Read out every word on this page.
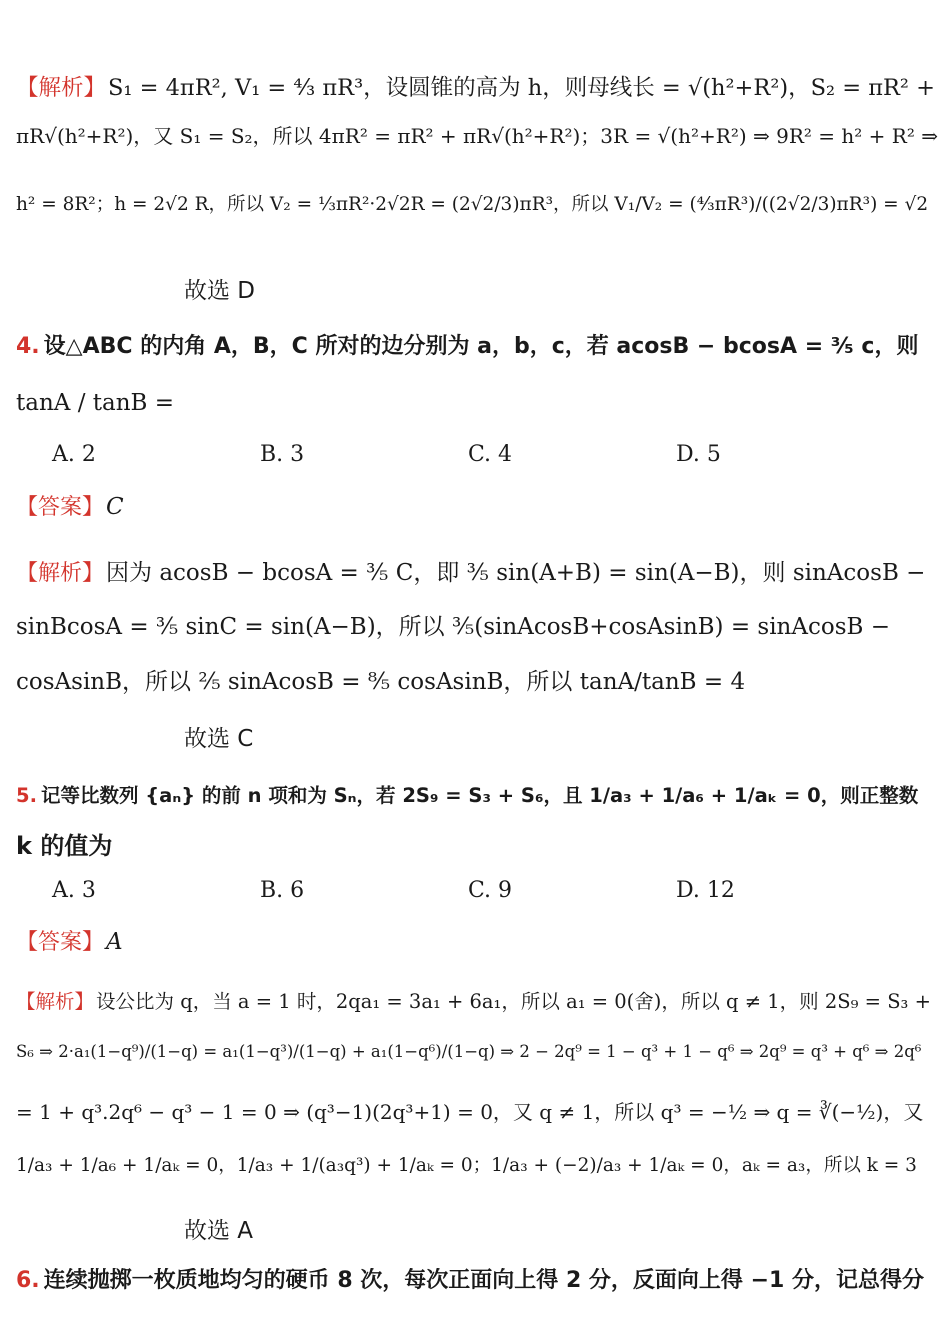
【解析】 S₁ = 4πR², V₁ = ⁴⁄₃ πR³，设圆锥的高为 h，则母线长 = √(h²+R²)，S₂ = πR² +
πR√(h²+R²)，又 S₁ = S₂，所以 4πR² = πR² + πR√(h²+R²)；3R = √(h²+R²) ⇒ 9R² = h² + R² ⇒
h² = 8R²；h = 2√2 R，所以 V₂ = ⅓πR²·2√2R = (2√2/3)πR³，所以 V₁/V₂ = (⁴⁄₃πR³)/((2√2/3)πR³) = √2
故选 D
4. 设△ABC 的内角 A，B，C 所对的边分别为 a，b，c，若 acosB − bcosA = ³⁄₅ c，则
tanA / tanB =
A. 2	B. 3	C. 4	D. 5
【答案】 C
【解析】 因为 acosB − bcosA = ³⁄₅ C，即 ³⁄₅ sin(A+B) = sin(A−B)，则 sinAcosB −
sinBcosA = ³⁄₅ sinC = sin(A−B)，所以 ³⁄₅(sinAcosB+cosAsinB) = sinAcosB −
cosAsinB，所以 ²⁄₅ sinAcosB = ⁸⁄₅ cosAsinB，所以 tanA/tanB = 4
故选 C
5. 记等比数列 {aₙ} 的前 n 项和为 Sₙ，若 2S₉ = S₃ + S₆，且 1/a₃ + 1/a₆ + 1/aₖ = 0，则正整数
k 的值为
A. 3	B. 6	C. 9	D. 12
【答案】 A
【解析】 设公比为 q，当 a = 1 时，2qa₁ = 3a₁ + 6a₁，所以 a₁ = 0(舍)，所以 q ≠ 1，则 2S₉ = S₃ +
S₆ ⇒ 2·a₁(1−q⁹)/(1−q) = a₁(1−q³)/(1−q) + a₁(1−q⁶)/(1−q) ⇒ 2 − 2q⁹ = 1 − q³ + 1 − q⁶ ⇒ 2q⁹ = q³ + q⁶ ⇒ 2q⁶
= 1 + q³.2q⁶ − q³ − 1 = 0 ⇒ (q³−1)(2q³+1) = 0，又 q ≠ 1，所以 q³ = −½ ⇒ q = ∛(−½)，又
1/a₃ + 1/a₆ + 1/aₖ = 0，1/a₃ + 1/(a₃q³) + 1/aₖ = 0；1/a₃ + (−2)/a₃ + 1/aₖ = 0，aₖ = a₃，所以 k = 3
故选 A
6. 连续抛掷一枚质地均匀的硬币 8 次，每次正面向上得 2 分，反面向上得 −1 分，记总得分
